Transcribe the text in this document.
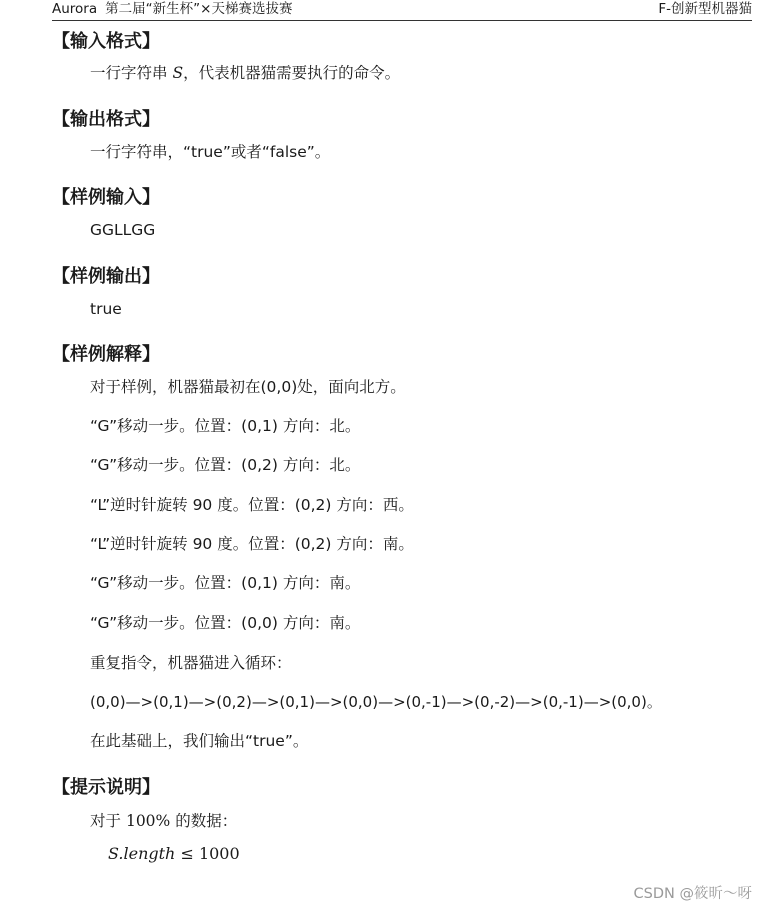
Aurora 第二届“新生杯”×天梯赛选拔赛	F-创新型机器猫
【输入格式】
一行字符串 S，代表机器猫需要执行的命令。
【输出格式】
一行字符串，“true”或者“false”。
【样例输入】
GGLLGG
【样例输出】
true
【样例解释】
对于样例，机器猫最初在(0,0)处，面向北方。
“G”移动一步。位置：(0,1) 方向：北。
“G”移动一步。位置：(0,2) 方向：北。
“L”逆时针旋转 90 度。位置：(0,2) 方向：西。
“L”逆时针旋转 90 度。位置：(0,2) 方向：南。
“G”移动一步。位置：(0,1) 方向：南。
“G”移动一步。位置：(0,0) 方向：南。
重复指令，机器猫进入循环：
(0,0)—>(0,1)—>(0,2)—>(0,1)—>(0,0)—>(0,-1)—>(0,-2)—>(0,-1)—>(0,0)。
在此基础上，我们输出“true”。
【提示说明】
对于 100% 的数据：
S.length ≤ 1000
CSDN @筱昕～呀
